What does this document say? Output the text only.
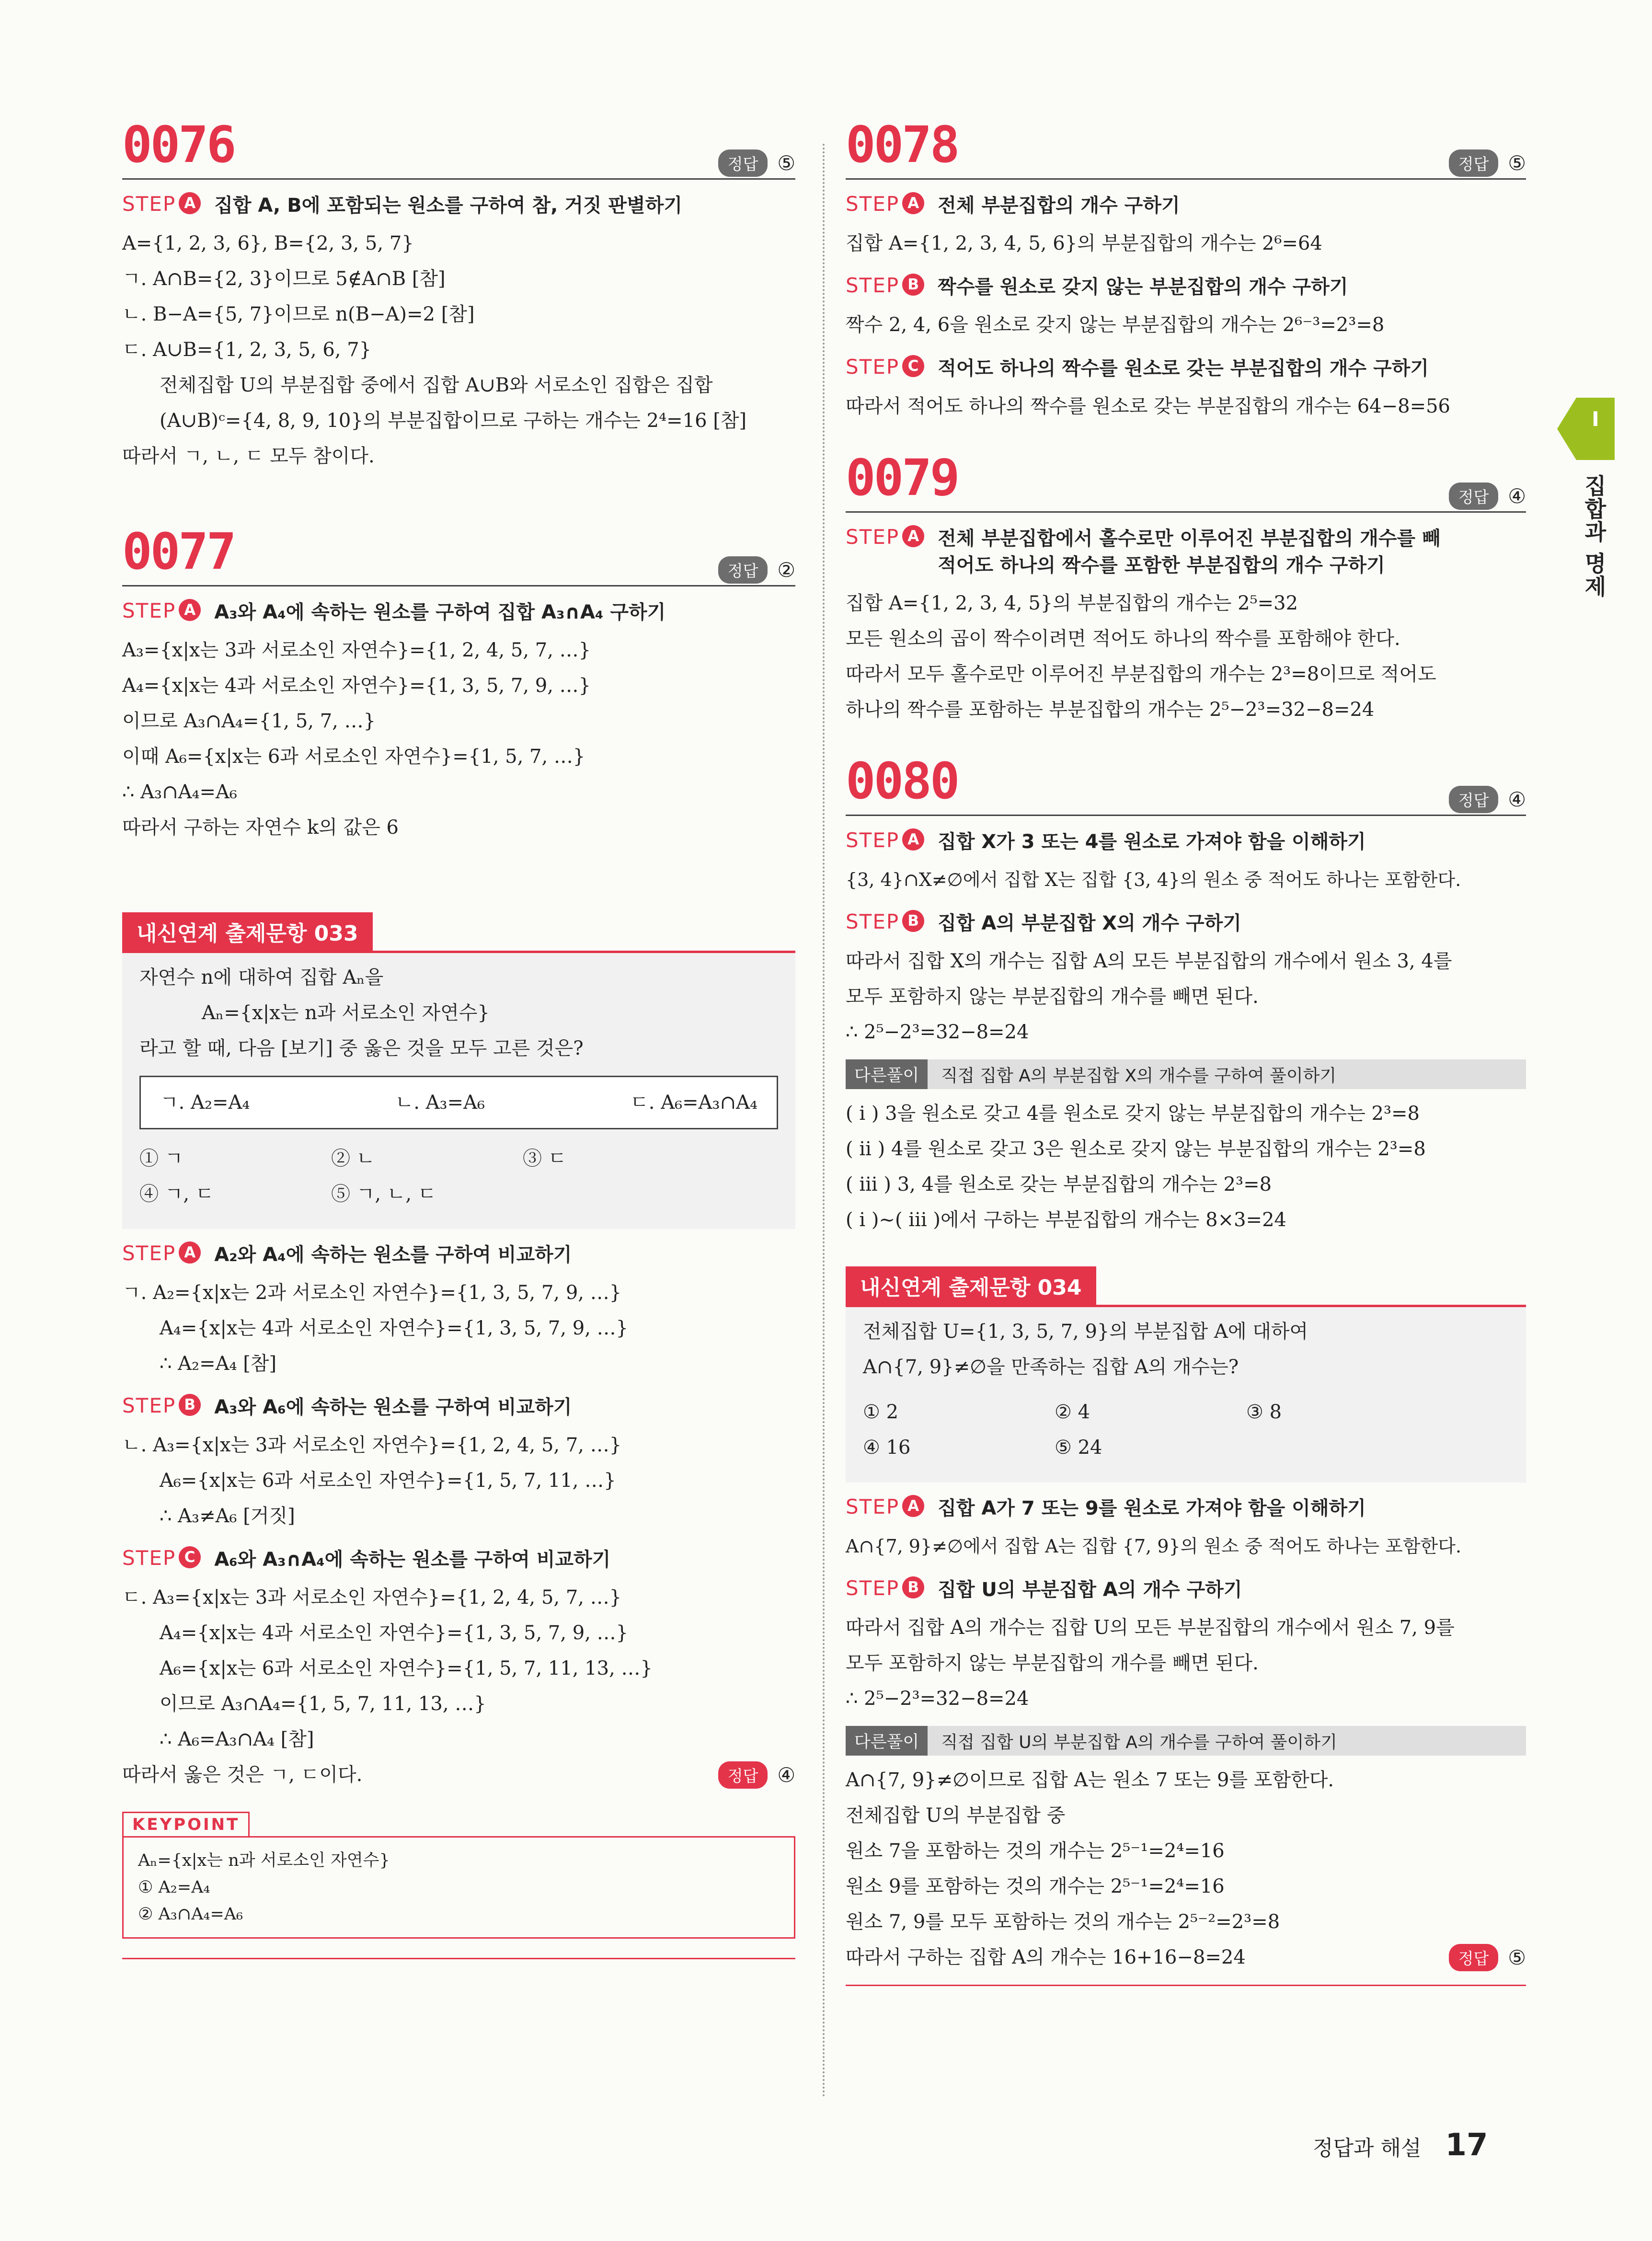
I
집합과 명제
0076	정답 ⑤
STEP A 집합 A, B에 포함되는 원소를 구하여 참, 거짓 판별하기
A={1, 2, 3, 6}, B={2, 3, 5, 7}
ㄱ. A∩B={2, 3}이므로 5∉A∩B [참]
ㄴ. B−A={5, 7}이므로 n(B−A)=2 [참]
ㄷ. A∪B={1, 2, 3, 5, 6, 7}
전체집합 U의 부분집합 중에서 집합 A∪B와 서로소인 집합은 집합
(A∪B)ᶜ={4, 8, 9, 10}의 부분집합이므로 구하는 개수는 2⁴=16 [참]
따라서 ㄱ, ㄴ, ㄷ 모두 참이다.
0077	정답 ②
STEP A A₃와 A₄에 속하는 원소를 구하여 집합 A₃∩A₄ 구하기
A₃={x|x는 3과 서로소인 자연수}={1, 2, 4, 5, 7, …}
A₄={x|x는 4과 서로소인 자연수}={1, 3, 5, 7, 9, …}
이므로 A₃∩A₄={1, 5, 7, …}
이때 A₆={x|x는 6과 서로소인 자연수}={1, 5, 7, …}
∴ A₃∩A₄=A₆
따라서 구하는 자연수 k의 값은 6
내신연계 출제문항 033
자연수 n에 대하여 집합 Aₙ을
Aₙ={x|x는 n과 서로소인 자연수}
라고 할 때, 다음 [보기] 중 옳은 것을 모두 고른 것은?
ㄱ. A₂=A₄	ㄴ. A₃=A₆	ㄷ. A₆=A₃∩A₄
① ㄱ	② ㄴ	③ ㄷ
④ ㄱ, ㄷ	⑤ ㄱ, ㄴ, ㄷ
STEP A A₂와 A₄에 속하는 원소를 구하여 비교하기
ㄱ. A₂={x|x는 2과 서로소인 자연수}={1, 3, 5, 7, 9, …}
A₄={x|x는 4과 서로소인 자연수}={1, 3, 5, 7, 9, …}
∴ A₂=A₄ [참]
STEP B A₃와 A₆에 속하는 원소를 구하여 비교하기
ㄴ. A₃={x|x는 3과 서로소인 자연수}={1, 2, 4, 5, 7, …}
A₆={x|x는 6과 서로소인 자연수}={1, 5, 7, 11, …}
∴ A₃≠A₆ [거짓]
STEP C A₆와 A₃∩A₄에 속하는 원소를 구하여 비교하기
ㄷ. A₃={x|x는 3과 서로소인 자연수}={1, 2, 4, 5, 7, …}
A₄={x|x는 4과 서로소인 자연수}={1, 3, 5, 7, 9, …}
A₆={x|x는 6과 서로소인 자연수}={1, 5, 7, 11, 13, …}
이므로 A₃∩A₄={1, 5, 7, 11, 13, …}
∴ A₆=A₃∩A₄ [참]
따라서 옳은 것은 ㄱ, ㄷ이다.	정답 ④
KEYPOINT
Aₙ={x|x는 n과 서로소인 자연수}
① A₂=A₄
② A₃∩A₄=A₆
0078	정답 ⑤
STEP A 전체 부분집합의 개수 구하기
집합 A={1, 2, 3, 4, 5, 6}의 부분집합의 개수는 2⁶=64
STEP B 짝수를 원소로 갖지 않는 부분집합의 개수 구하기
짝수 2, 4, 6을 원소로 갖지 않는 부분집합의 개수는 2⁶⁻³=2³=8
STEP C 적어도 하나의 짝수를 원소로 갖는 부분집합의 개수 구하기
따라서 적어도 하나의 짝수를 원소로 갖는 부분집합의 개수는 64−8=56
0079	정답 ④
STEP A 전체 부분집합에서 홀수로만 이루어진 부분집합의 개수를 빼
적어도 하나의 짝수를 포함한 부분집합의 개수 구하기
집합 A={1, 2, 3, 4, 5}의 부분집합의 개수는 2⁵=32
모든 원소의 곱이 짝수이려면 적어도 하나의 짝수를 포함해야 한다.
따라서 모두 홀수로만 이루어진 부분집합의 개수는 2³=8이므로 적어도
하나의 짝수를 포함하는 부분집합의 개수는 2⁵−2³=32−8=24
0080	정답 ④
STEP A 집합 X가 3 또는 4를 원소로 가져야 함을 이해하기
{3, 4}∩X≠∅에서 집합 X는 집합 {3, 4}의 원소 중 적어도 하나는 포함한다.
STEP B 집합 A의 부분집합 X의 개수 구하기
따라서 집합 X의 개수는 집합 A의 모든 부분집합의 개수에서 원소 3, 4를
모두 포함하지 않는 부분집합의 개수를 빼면 된다.
∴ 2⁵−2³=32−8=24
다른풀이	직접 집합 A의 부분집합 X의 개수를 구하여 풀이하기
( i ) 3을 원소로 갖고 4를 원소로 갖지 않는 부분집합의 개수는 2³=8
( ii ) 4를 원소로 갖고 3은 원소로 갖지 않는 부분집합의 개수는 2³=8
( iii ) 3, 4를 원소로 갖는 부분집합의 개수는 2³=8
( i )~( iii )에서 구하는 부분집합의 개수는 8×3=24
내신연계 출제문항 034
전체집합 U={1, 3, 5, 7, 9}의 부분집합 A에 대하여
A∩{7, 9}≠∅을 만족하는 집합 A의 개수는?
① 2	② 4	③ 8
④ 16	⑤ 24
STEP A 집합 A가 7 또는 9를 원소로 가져야 함을 이해하기
A∩{7, 9}≠∅에서 집합 A는 집합 {7, 9}의 원소 중 적어도 하나는 포함한다.
STEP B 집합 U의 부분집합 A의 개수 구하기
따라서 집합 A의 개수는 집합 U의 모든 부분집합의 개수에서 원소 7, 9를
모두 포함하지 않는 부분집합의 개수를 빼면 된다.
∴ 2⁵−2³=32−8=24
다른풀이	직접 집합 U의 부분집합 A의 개수를 구하여 풀이하기
A∩{7, 9}≠∅이므로 집합 A는 원소 7 또는 9를 포함한다.
전체집합 U의 부분집합 중
원소 7을 포함하는 것의 개수는 2⁵⁻¹=2⁴=16
원소 9를 포함하는 것의 개수는 2⁵⁻¹=2⁴=16
원소 7, 9를 모두 포함하는 것의 개수는 2⁵⁻²=2³=8
따라서 구하는 집합 A의 개수는 16+16−8=24	정답 ⑤
정답과 해설 17
